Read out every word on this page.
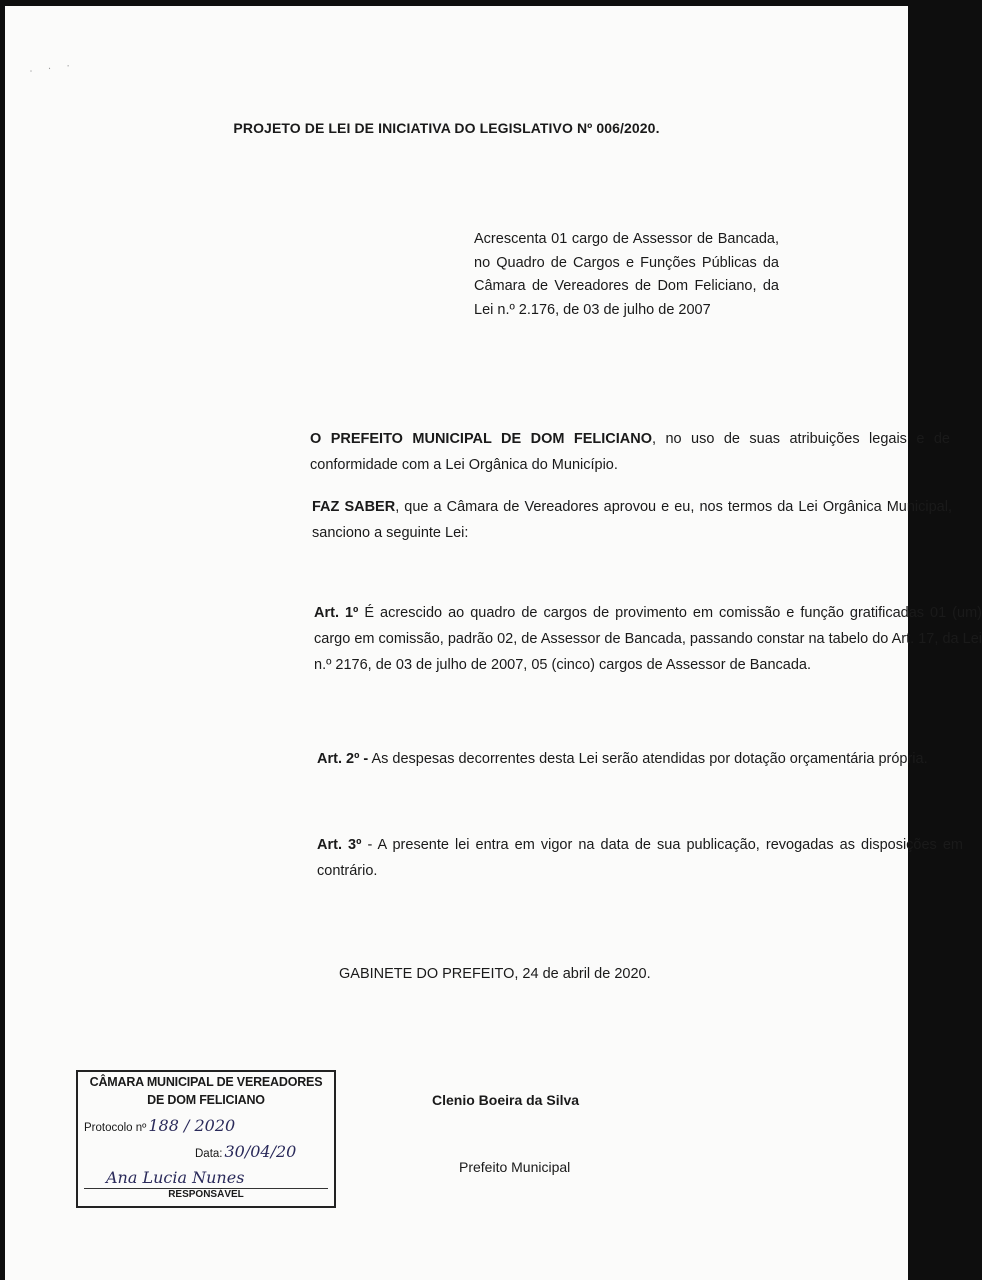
· · ·
PROJETO DE LEI DE INICIATIVA DO LEGISLATIVO Nº 006/2020.
Acrescenta 01 cargo de Assessor de Bancada, no Quadro de Cargos e Funções Públicas da Câmara de Vereadores de Dom Feliciano, da Lei n.º 2.176, de 03 de julho de 2007

O PREFEITO MUNICIPAL DE DOM FELICIANO, no uso de suas atribuições legais e de conformidade com a Lei Orgânica do Município.

FAZ SABER, que a Câmara de Vereadores aprovou e eu, nos termos da Lei Orgânica Municipal, sanciono a seguinte Lei:

Art. 1º É acrescido ao quadro de cargos de provimento em comissão e função gratificadas 01 (um) cargo em comissão, padrão 02, de Assessor de Bancada, passando constar na tabelo do Art. 17, da Lei n.º 2176, de 03 de julho de 2007, 05 (cinco) cargos de Assessor de Bancada.

Art. 2º - As despesas decorrentes desta Lei serão atendidas por dotação orçamentária própria.

Art. 3º - A presente lei entra em vigor na data de sua publicação, revogadas as disposições em contrário.

GABINETE DO PREFEITO, 24 de abril de 2020.
CÂMARA MUNICIPAL DE VEREADORES
DE DOM FELICIANO
Protocolo nº 188 / 2020
Data: 30/04/20
Ana Lucia Nunes
RESPONSÁVEL
Clenio Boeira da Silva
Prefeito Municipal
